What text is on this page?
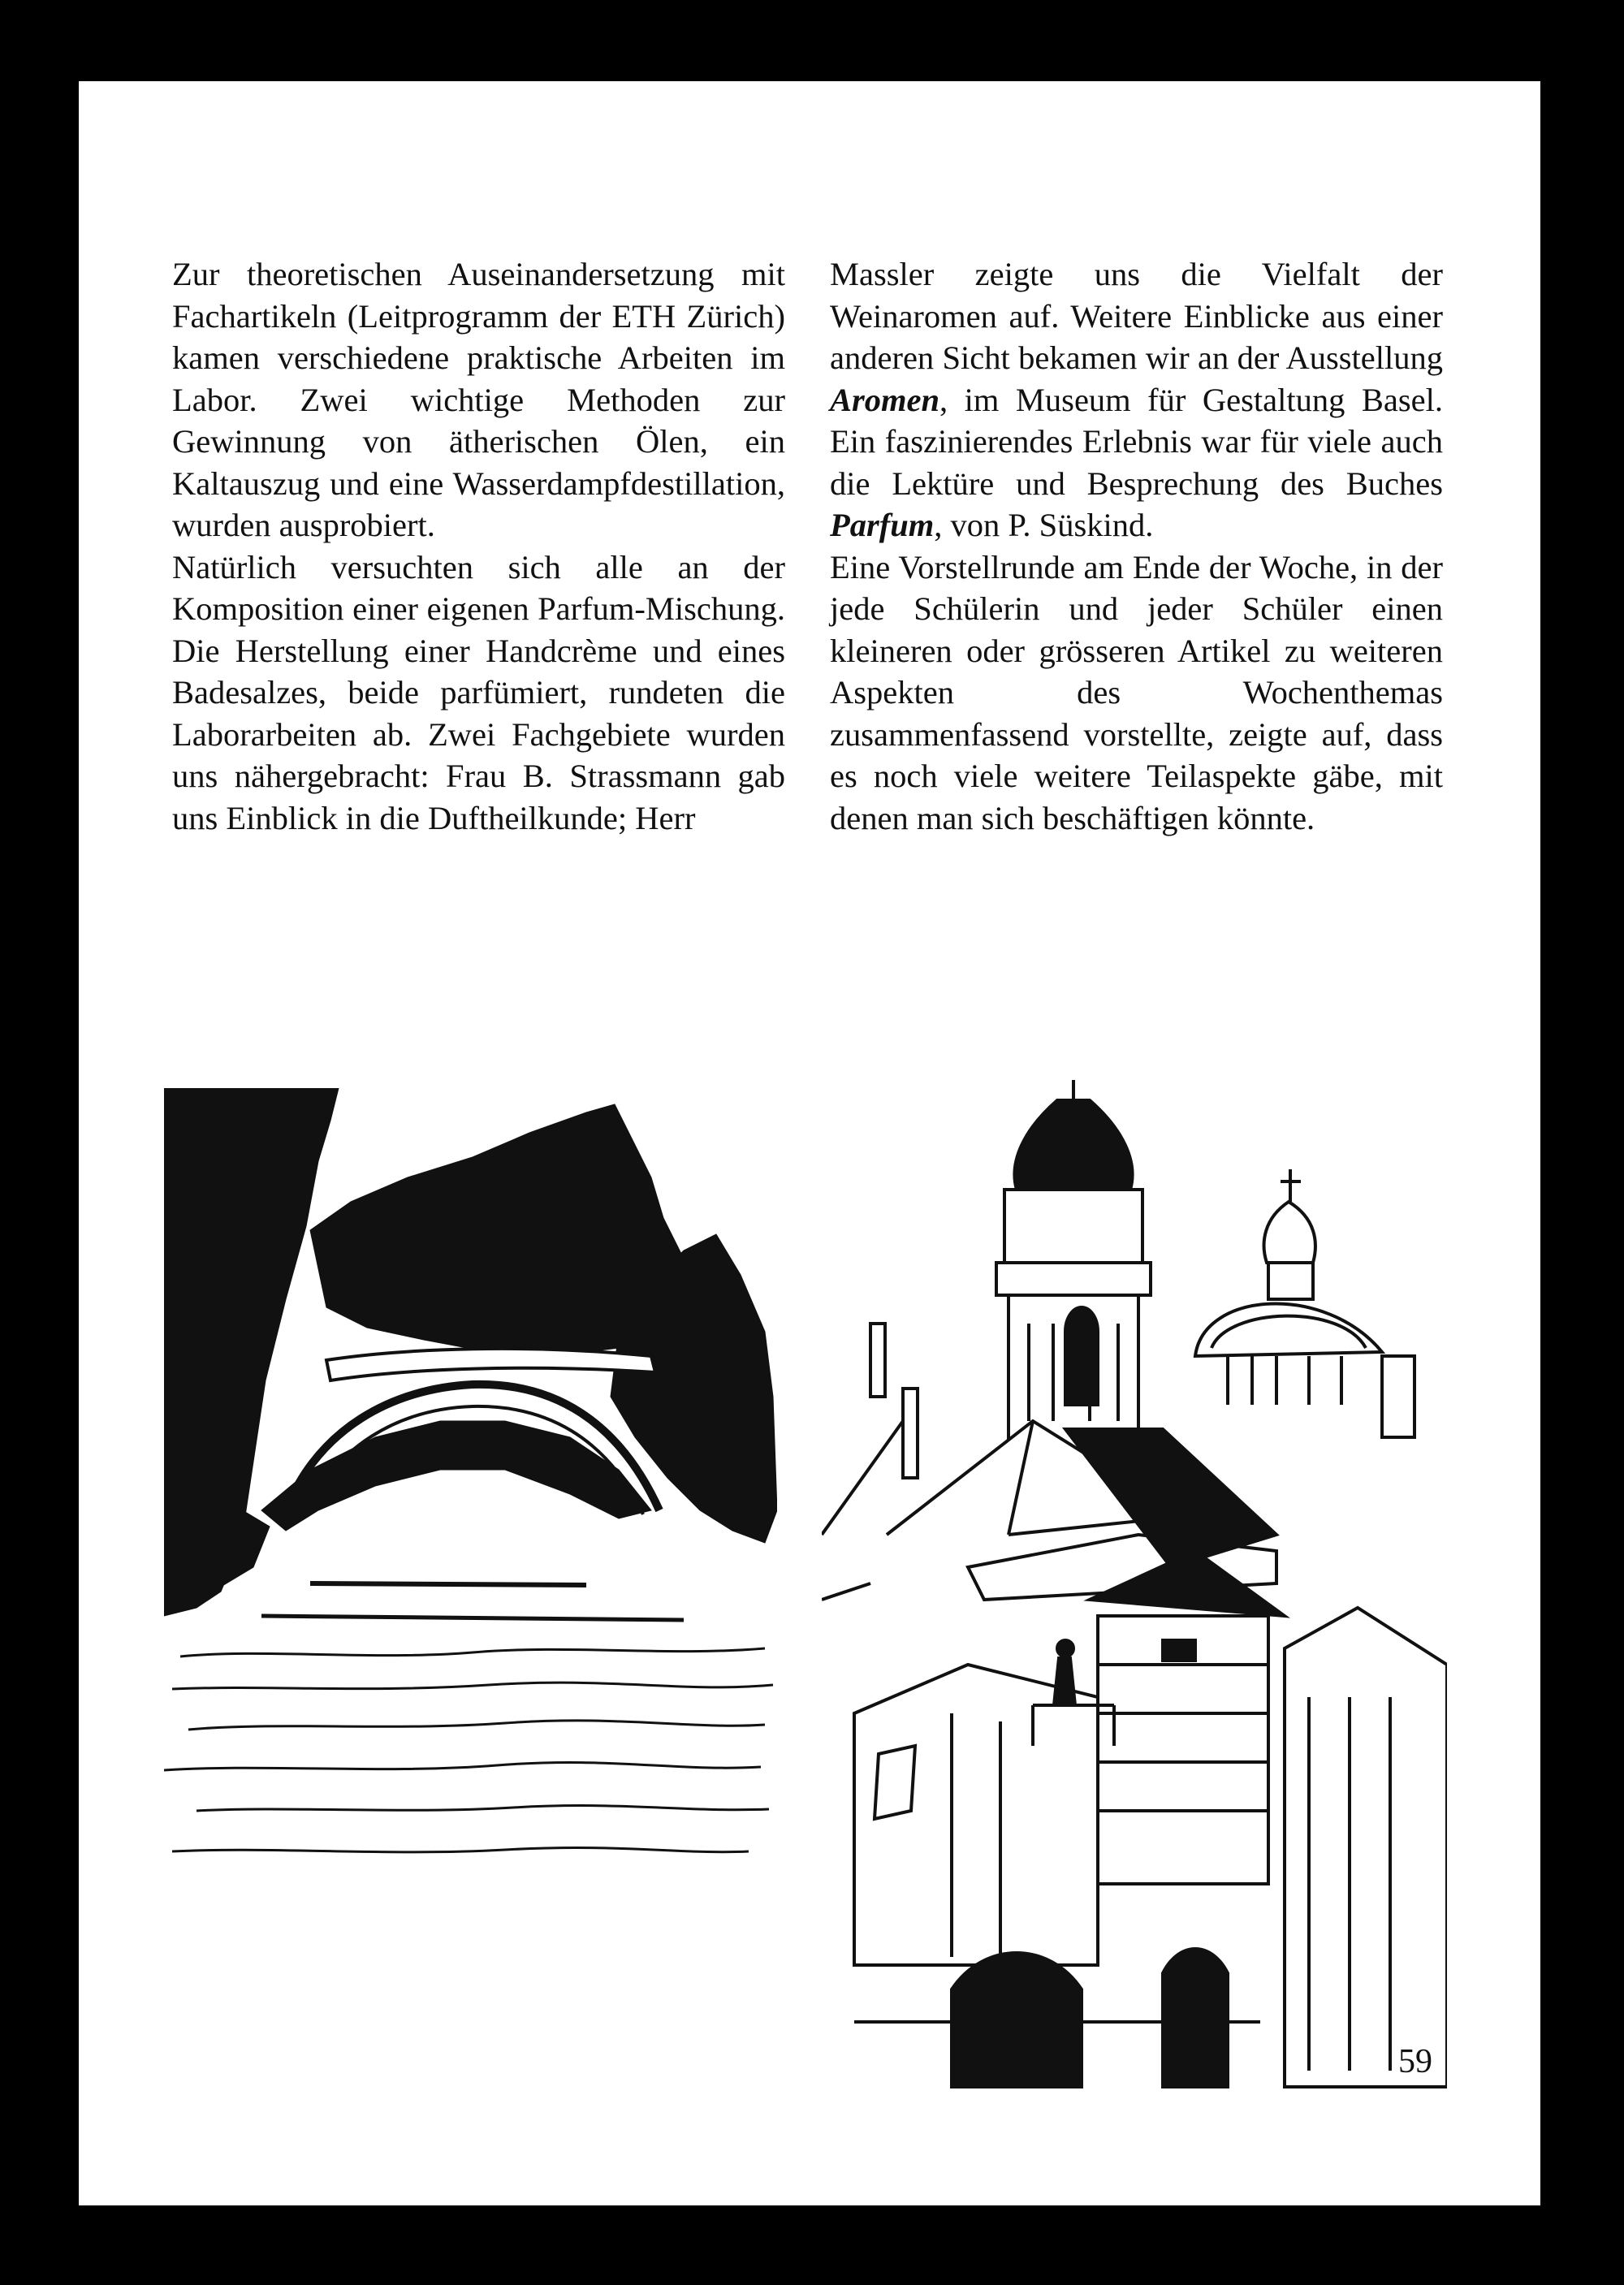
Zur theoretischen Auseinandersetzung mit Fachartikeln (Leitprogramm der ETH Zürich) kamen verschiedene praktische Arbeiten im Labor. Zwei wichtige Methoden zur Gewinnung von ätherischen Ölen, ein Kaltauszug und eine Wasserdampfdestillation, wurden ausprobiert.

Natürlich versuchten sich alle an der Komposition einer eigenen Parfum-Mischung. Die Herstellung einer Handcrème und eines Badesalzes, beide parfümiert, rundeten die Laborarbeiten ab. Zwei Fachgebiete wurden uns nähergebracht: Frau B. Strassmann gab uns Einblick in die Duftheilkunde; Herr

Massler zeigte uns die Vielfalt der Weinaromen auf. Weitere Einblicke aus einer anderen Sicht bekamen wir an der Ausstellung Aromen, im Museum für Gestaltung Basel. Ein faszinierendes Erlebnis war für viele auch die Lektüre und Besprechung des Buches Parfum, von P. Süskind.

Eine Vorstellrunde am Ende der Woche, in der jede Schülerin und jeder Schüler einen kleineren oder grösseren Artikel zu weiteren Aspekten des Wochenthemas zusammenfassend vorstellte, zeigte auf, dass es noch viele weitere Teilaspekte gäbe, mit denen man sich beschäftigen könnte.

59
